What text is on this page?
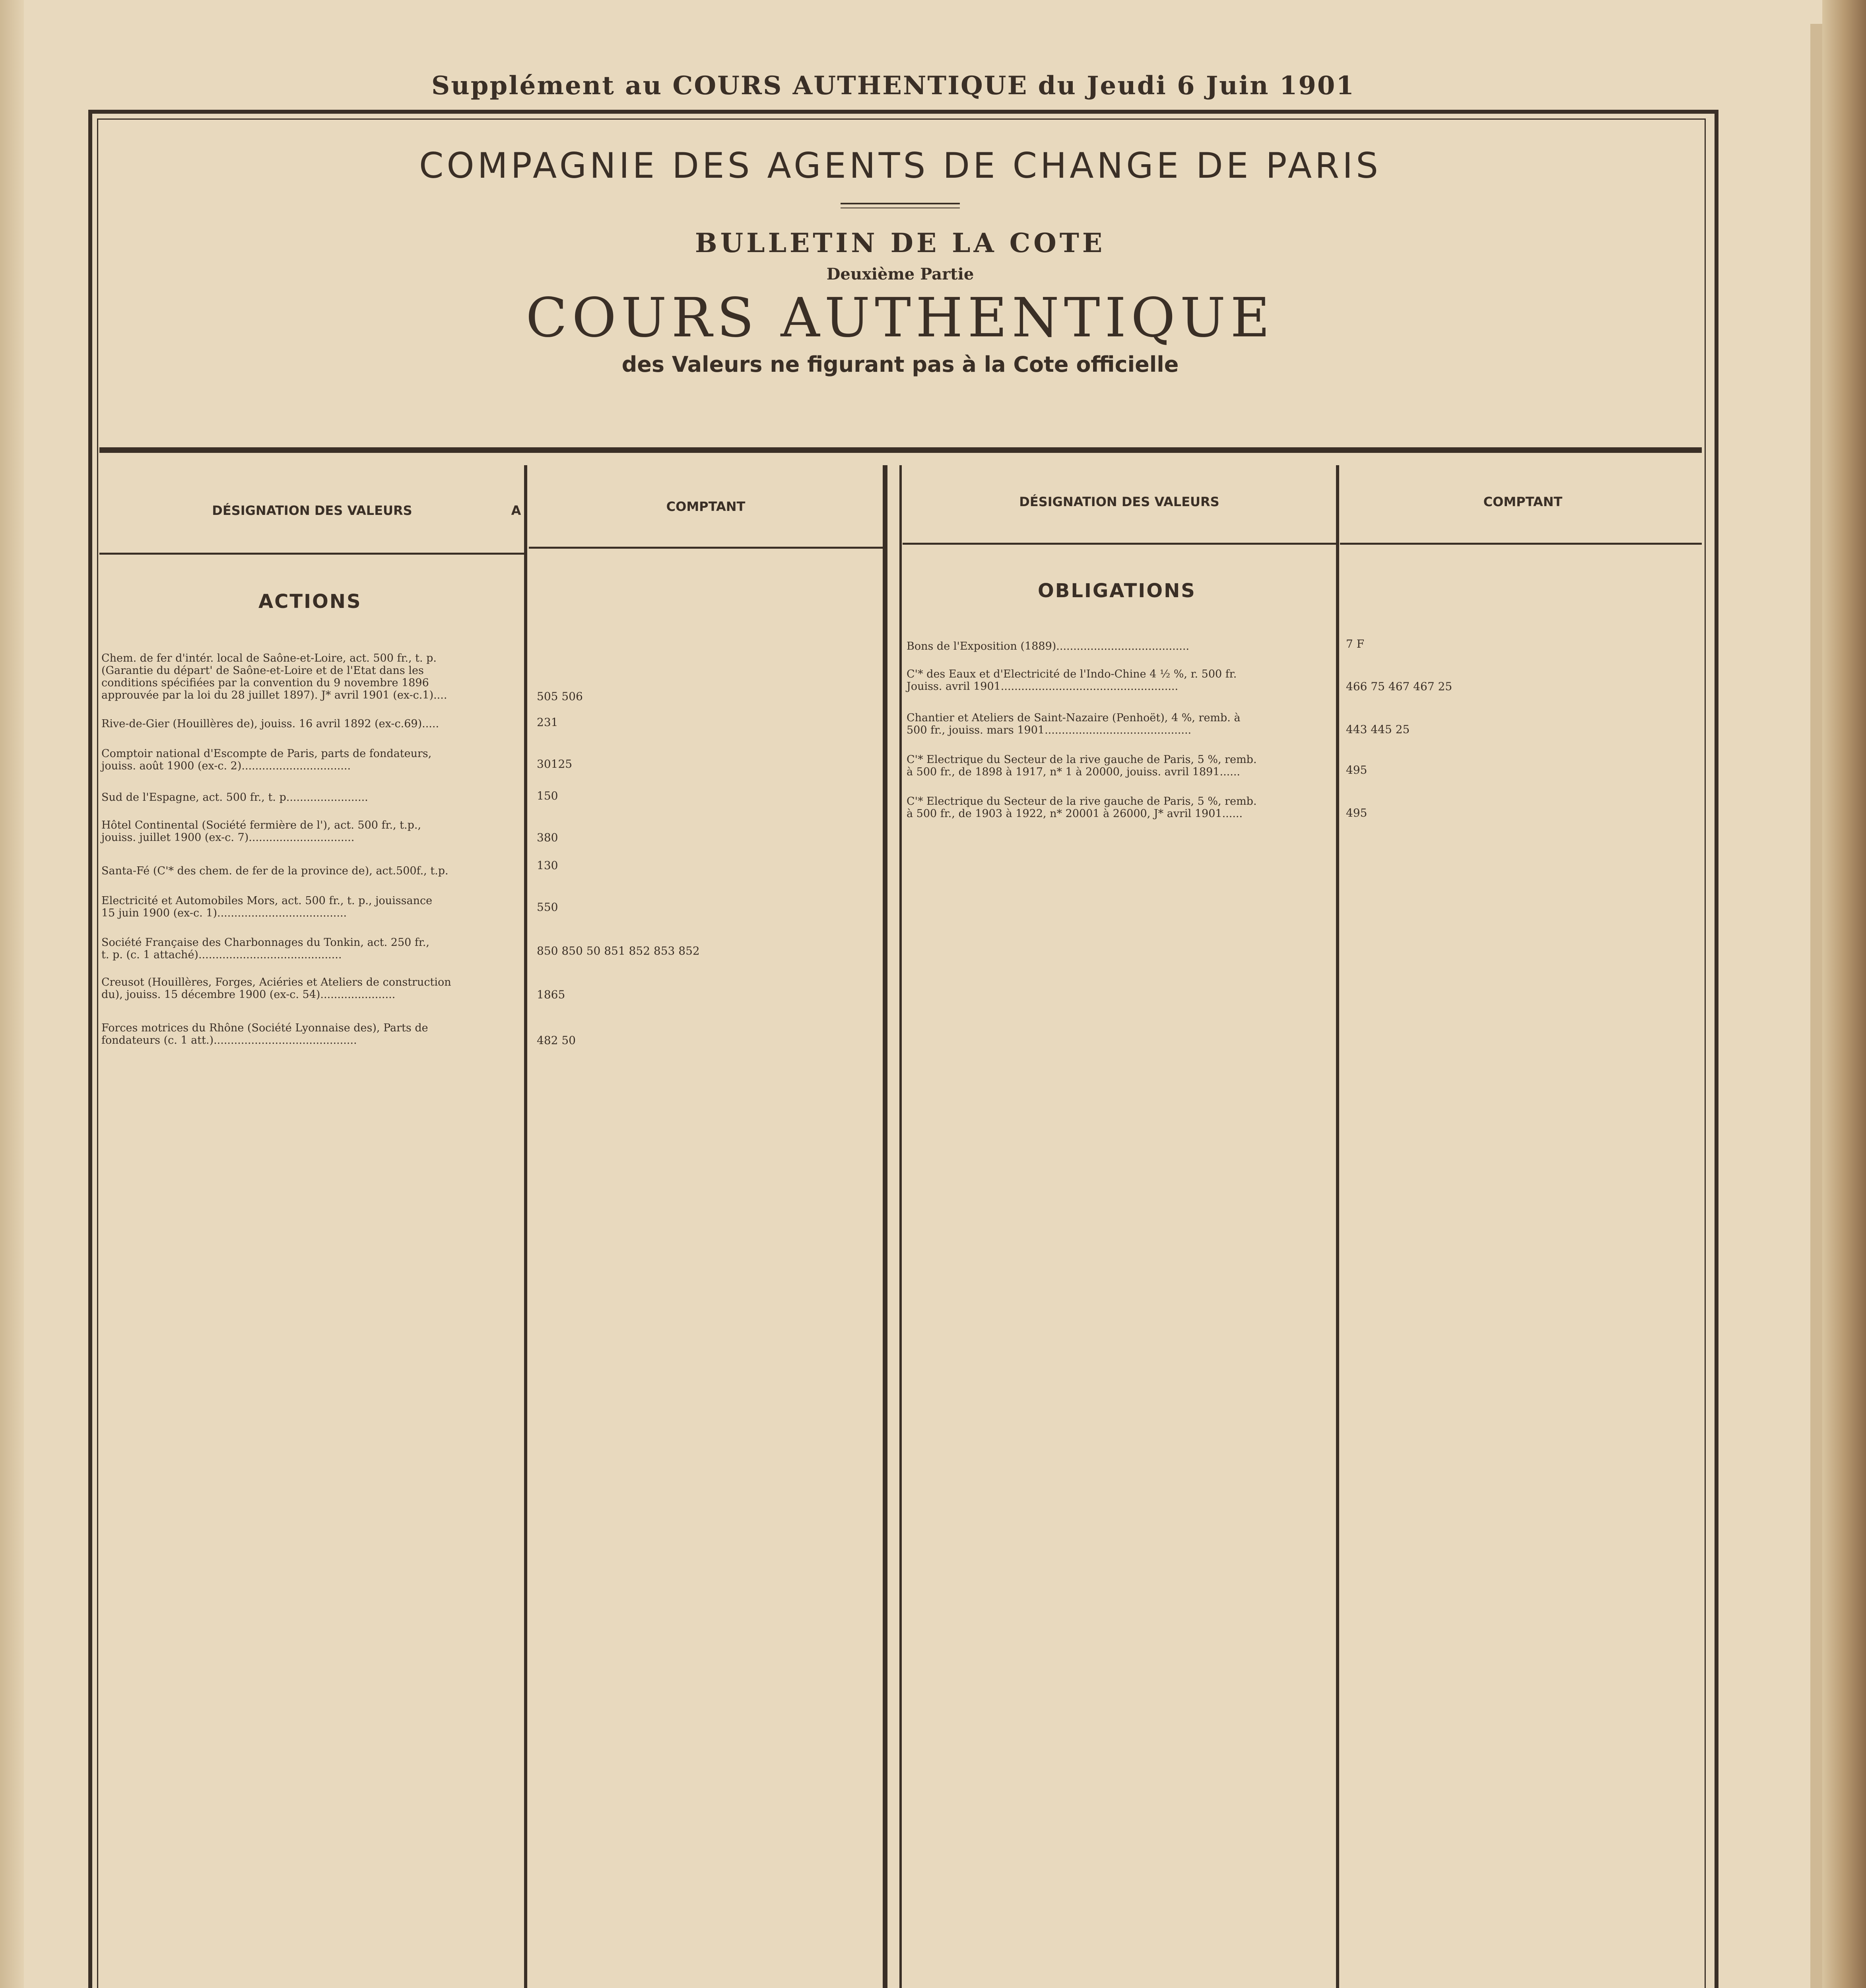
Supplément au COURS AUTHENTIQUE du Jeudi 6 Juin 1901
COMPAGNIE DES AGENTS DE CHANGE DE PARIS
BULLETIN DE LA COTE
Deuxième Partie
COURS AUTHENTIQUE
des Valeurs ne figurant pas à la Cote officielle
DÉSIGNATION DES VALEURS	A	COMPTANT	DÉSIGNATION DES VALEURS	COMPTANT
ACTIONS	OBLIGATIONS
Chem. de fer d'intér. local de Saône-et-Loire, act. 500 fr., t. p.
(Garantie du départ' de Saône-et-Loire et de l'Etat dans les
conditions spécifiées par la convention du 9 novembre 1896
approuvée par la loi du 28 juillet 1897). J* avril 1901 (ex-c.1)....	505 506
Rive-de-Gier (Houillères de), jouiss. 16 avril 1892 (ex-c.69).....	231
Comptoir national d'Escompte de Paris, parts de fondateurs,
jouiss. août 1900 (ex-c. 2)................................	30125
Sud de l'Espagne, act. 500 fr., t. p........................	150
Hôtel Continental (Société fermière de l'), act. 500 fr., t.p.,
jouiss. juillet 1900 (ex-c. 7)...............................	380
Santa-Fé (C'* des chem. de fer de la province de), act.500f., t.p.	130
Electricité et Automobiles Mors, act. 500 fr., t. p., jouissance
15 juin 1900 (ex-c. 1)......................................	550
Société Française des Charbonnages du Tonkin, act. 250 fr.,
t. p. (c. 1 attaché)..........................................	850 850 50 851 852 853 852
Creusot (Houillères, Forges, Aciéries et Ateliers de construction
du), jouiss. 15 décembre 1900 (ex-c. 54)......................	1865
Forces motrices du Rhône (Société Lyonnaise des), Parts de
fondateurs (c. 1 att.)..........................................	482 50
Bons de l'Exposition (1889).......................................	7 F
C'* des Eaux et d'Electricité de l'Indo-Chine 4 ½ %, r. 500 fr.
Jouiss. avril 1901....................................................	466 75 467 467 25
Chantier et Ateliers de Saint-Nazaire (Penhoët), 4 %, remb. à
500 fr., jouiss. mars 1901...........................................	443 445 25
C'* Electrique du Secteur de la rive gauche de Paris, 5 %, remb.
à 500 fr., de 1898 à 1917, n* 1 à 20000, jouiss. avril 1891......	495
C'* Electrique du Secteur de la rive gauche de Paris, 5 %, remb.
à 500 fr., de 1903 à 1922, n* 20001 à 26000, J* avril 1901......	495
